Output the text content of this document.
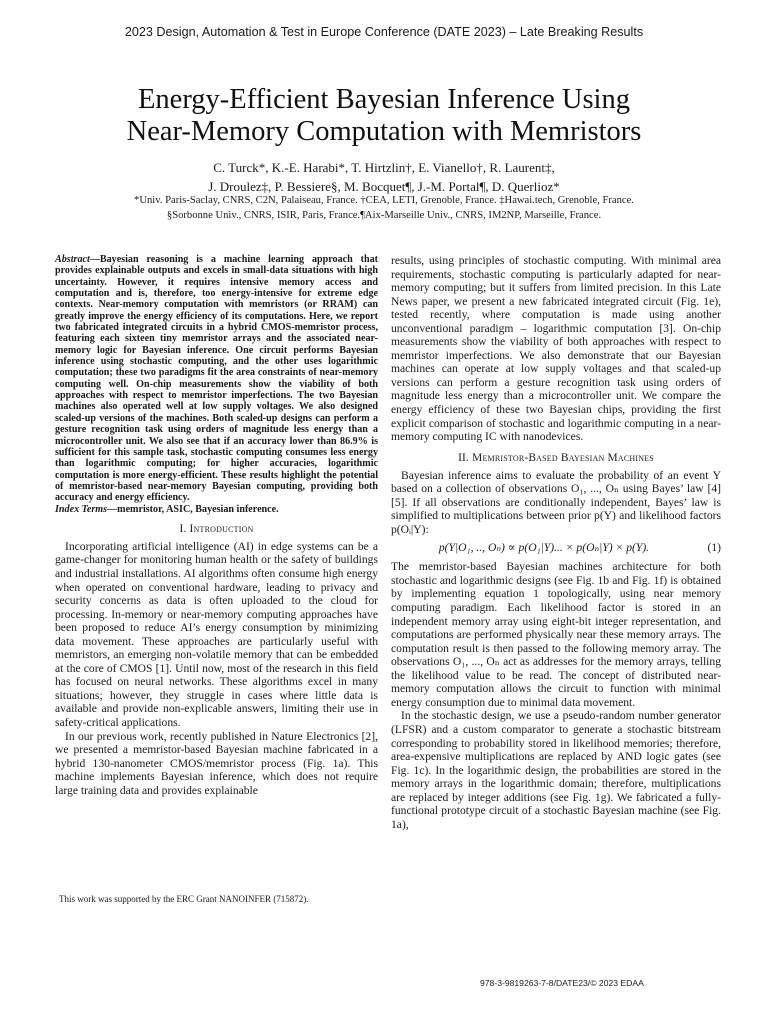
2023 Design, Automation & Test in Europe Conference (DATE 2023) – Late Breaking Results
Energy-Efficient Bayesian Inference Using
Near-Memory Computation with Memristors
C. Turck*, K.-E. Harabi*, T. Hirtzlin†, E. Vianello†, R. Laurent‡,
J. Droulez‡, P. Bessiere§, M. Bocquet¶, J.-M. Portal¶, D. Querlioz*
*Univ. Paris-Saclay, CNRS, C2N, Palaiseau, France. †CEA, LETI, Grenoble, France. ‡Hawai.tech, Grenoble, France.
§Sorbonne Univ., CNRS, ISIR, Paris, France.¶Aix-Marseille Univ., CNRS, IM2NP, Marseille, France.

Abstract—Bayesian reasoning is a machine learning approach that provides explainable outputs and excels in small-data situations with high uncertainty. However, it requires intensive memory access and computation and is, therefore, too energy-intensive for extreme edge contexts. Near-memory computation with memristors (or RRAM) can greatly improve the energy efficiency of its computations. Here, we report two fabricated integrated circuits in a hybrid CMOS-memristor process, featuring each sixteen tiny memristor arrays and the associated near-memory logic for Bayesian inference. One circuit performs Bayesian inference using stochastic computing, and the other uses logarithmic computation; these two paradigms fit the area constraints of near-memory computing well. On-chip measurements show the viability of both approaches with respect to memristor imperfections. The two Bayesian machines also operated well at low supply voltages. We also designed scaled-up versions of the machines. Both scaled-up designs can perform a gesture recognition task using orders of magnitude less energy than a microcontroller unit. We also see that if an accuracy lower than 86.9% is sufficient for this sample task, stochastic computing consumes less energy than logarithmic computing; for higher accuracies, logarithmic computation is more energy-efficient. These results highlight the potential of memristor-based near-memory Bayesian computing, providing both accuracy and energy efficiency.

Index Terms—memristor, ASIC, Bayesian inference.

I. Introduction

Incorporating artificial intelligence (AI) in edge systems can be a game-changer for monitoring human health or the safety of buildings and industrial installations. AI algorithms often consume high energy when operated on conventional hardware, leading to privacy and security concerns as data is often uploaded to the cloud for processing. In-memory or near-memory computing approaches have been proposed to reduce AI’s energy consumption by minimizing data movement. These approaches are particularly useful with memristors, an emerging non-volatile memory that can be embedded at the core of CMOS [1]. Until now, most of the research in this field has focused on neural networks. These algorithms excel in many situations; however, they struggle in cases where little data is available and provide non-explicable answers, limiting their use in safety-critical applications.

In our previous work, recently published in Nature Electronics [2], we presented a memristor-based Bayesian machine fabricated in a hybrid 130-nanometer CMOS/memristor process (Fig. 1a). This machine implements Bayesian inference, which does not require large training data and provides explainable

results, using principles of stochastic computing. With minimal area requirements, stochastic computing is particularly adapted for near-memory computing; but it suffers from limited precision. In this Late News paper, we present a new fabricated integrated circuit (Fig. 1e), tested recently, where computation is made using another unconventional paradigm – logarithmic computation [3]. On-chip measurements show the viability of both approaches with respect to memristor imperfections. We also demonstrate that our Bayesian machines can operate at low supply voltages and that scaled-up versions can perform a gesture recognition task using orders of magnitude less energy than a microcontroller unit. We compare the energy efficiency of these two Bayesian chips, providing the first explicit comparison of stochastic and logarithmic computing in a near-memory computing IC with nanodevices.

II. Memristor-Based Bayesian Machines

Bayesian inference aims to evaluate the probability of an event Y based on a collection of observations O₁, ..., Oₙ using Bayes’ law [4] [5]. If all observations are conditionally independent, Bayes’ law is simplified to multiplications between prior p(Y) and likelihood factors p(Oᵢ|Y):

p(Y|O₁, .., Oₙ) ∝ p(O₁|Y)... × p(Oₙ|Y) × p(Y).	(1)

The memristor-based Bayesian machines architecture for both stochastic and logarithmic designs (see Fig. 1b and Fig. 1f) is obtained by implementing equation 1 topologically, using near memory computing paradigm. Each likelihood factor is stored in an independent memory array using eight-bit integer representation, and computations are performed physically near these memory arrays. The computation result is then passed to the following memory array. The observations O₁, ..., Oₙ act as addresses for the memory arrays, telling the likelihood value to be read. The concept of distributed near-memory computation allows the circuit to function with minimal energy consumption due to minimal data movement.

In the stochastic design, we use a pseudo-random number generator (LFSR) and a custom comparator to generate a stochastic bitstream corresponding to probability stored in likelihood memories; therefore, area-expensive multiplications are replaced by AND logic gates (see Fig. 1c). In the logarithmic design, the probabilities are stored in the memory arrays in the logarithmic domain; therefore, multiplications are replaced by integer additions (see Fig. 1g). We fabricated a fully-functional prototype circuit of a stochastic Bayesian machine (see Fig. 1a),

This work was supported by the ERC Grant NANOINFER (715872).
978-3-9819263-7-8/DATE23/© 2023 EDAA
